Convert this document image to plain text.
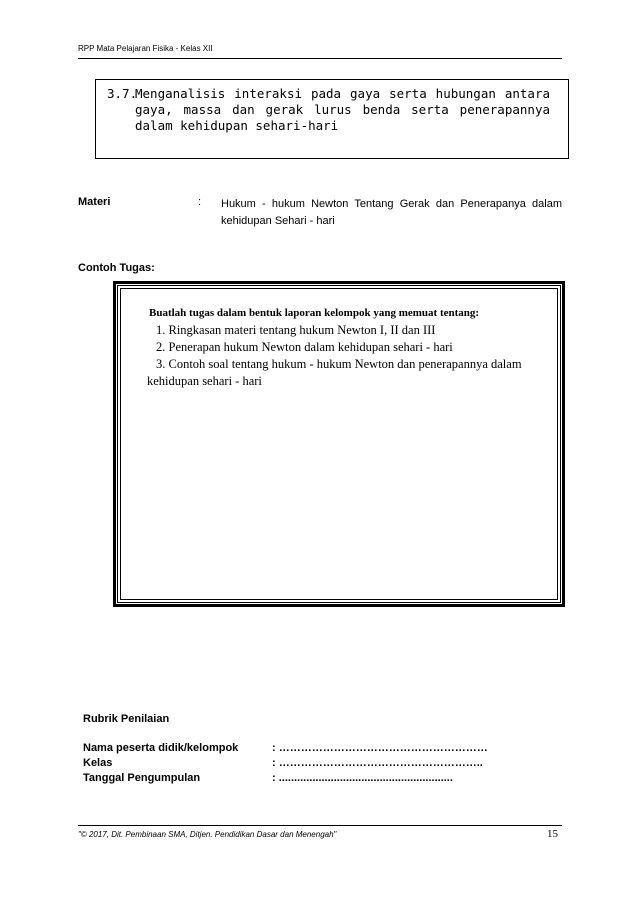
RPP Mata Pelajaran Fisika - Kelas XII
3.7.
Menganalisis interaksi pada gaya serta hubungan antara gaya, massa dan gerak lurus benda serta penerapannya dalam kehidupan sehari-hari
Materi	: Hukum - hukum Newton Tentang Gerak dan Penerapanya dalam kehidupan Sehari - hari
Contoh Tugas:
Buatlah tugas dalam bentuk laporan kelompok yang memuat tentang:
1. Ringkasan materi tentang hukum Newton I, II dan III
2. Penerapan hukum Newton dalam kehidupan sehari - hari
3. Contoh soal tentang hukum - hukum Newton dan penerapannya dalam
kehidupan sehari - hari
Rubrik Penilaian
Nama peserta didik/kelompok	: …………………………………………………
Kelas	: ………………………………………………..
Tanggal Pengumpulan	: .........................................................
"© 2017, Dit. Pembinaan SMA, Ditjen. Pendidikan Dasar dan Menengah"	15
